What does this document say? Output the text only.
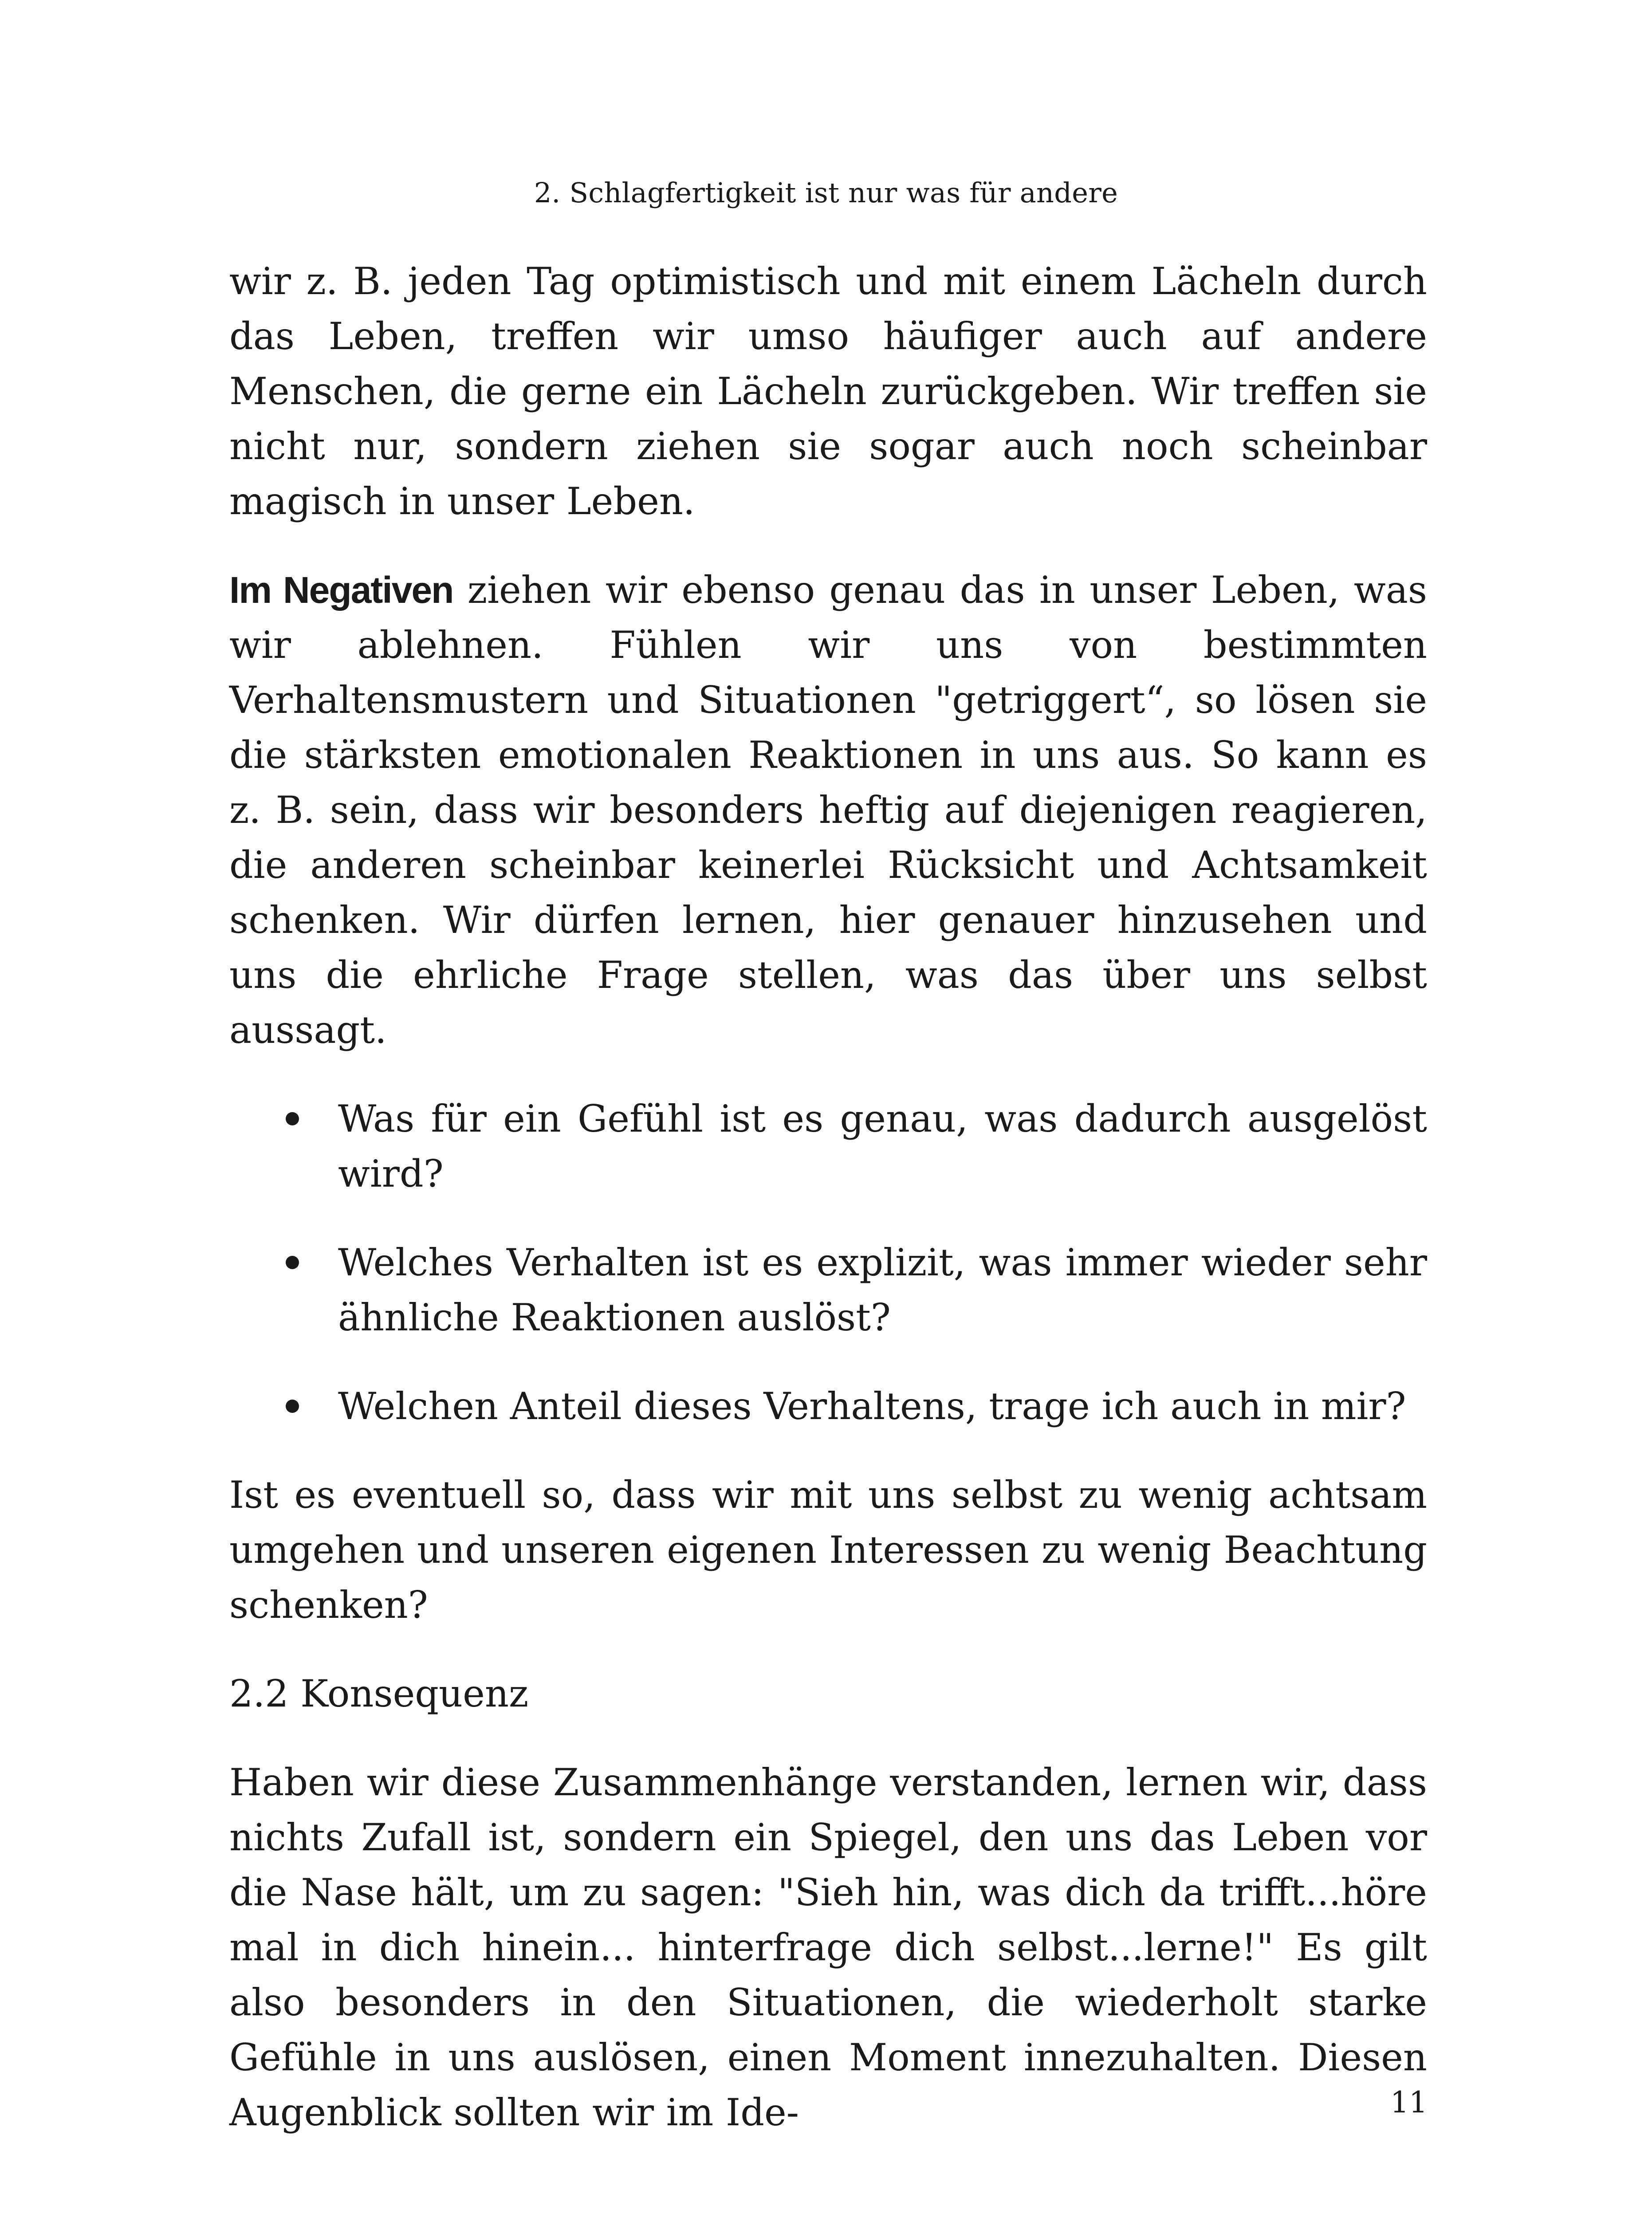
2. Schlagfertigkeit ist nur was für andere

wir z. B. jeden Tag optimistisch und mit einem Lächeln durch das Leben, treffen wir umso häufiger auch auf andere Menschen, die gerne ein Lächeln zurückgeben. Wir treffen sie nicht nur, sondern ziehen sie sogar auch noch scheinbar magisch in unser Leben.

Im Negativen ziehen wir ebenso genau das in unser Leben, was wir ablehnen. Fühlen wir uns von bestimmten Verhaltensmustern und Situationen "getriggert“, so lösen sie die stärksten emotionalen Reaktionen in uns aus. So kann es z. B. sein, dass wir besonders heftig auf diejenigen reagieren, die anderen scheinbar keinerlei Rücksicht und Achtsamkeit schenken. Wir dürfen lernen, hier genauer hinzusehen und uns die ehrliche Frage stellen, was das über uns selbst aussagt.

Was für ein Gefühl ist es genau, was dadurch ausgelöst wird?
Welches Verhalten ist es explizit, was immer wieder sehr ähnliche Reaktionen auslöst?
Welchen Anteil dieses Verhaltens, trage ich auch in mir?

Ist es eventuell so, dass wir mit uns selbst zu wenig achtsam umgehen und unseren eigenen Interessen zu wenig Beachtung schenken?

2.2 Konsequenz

Haben wir diese Zusammenhänge verstanden, lernen wir, dass nichts Zufall ist, sondern ein Spiegel, den uns das Leben vor die Nase hält, um zu sagen: "Sieh hin, was dich da trifft...höre mal in dich hinein... hinterfrage dich selbst...lerne!" Es gilt also besonders in den Situationen, die wiederholt starke Gefühle in uns auslösen, einen Moment innezuhalten. Diesen Augenblick sollten wir im Ide-	11
